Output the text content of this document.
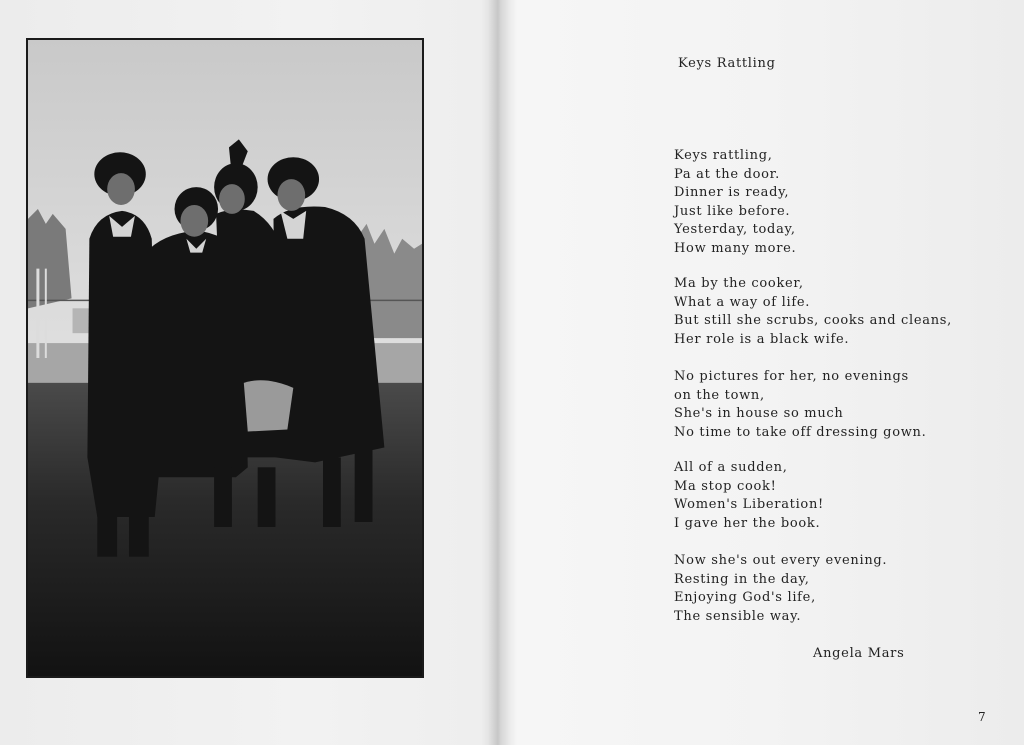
Keys Rattling
Keys rattling,
Pa at the door.
Dinner is ready,
Just like before.
Yesterday, today,
How many more.
Ma by the cooker,
What a way of life.
But still she scrubs, cooks and cleans,
Her role is a black wife.
No pictures for her, no evenings
on the town,
She's in house so much
No time to take off dressing gown.
All of a sudden,
Ma stop cook!
Women's Liberation!
I gave her the book.
Now she's out every evening.
Resting in the day,
Enjoying God's life,
The sensible way.
Angela Mars
7
